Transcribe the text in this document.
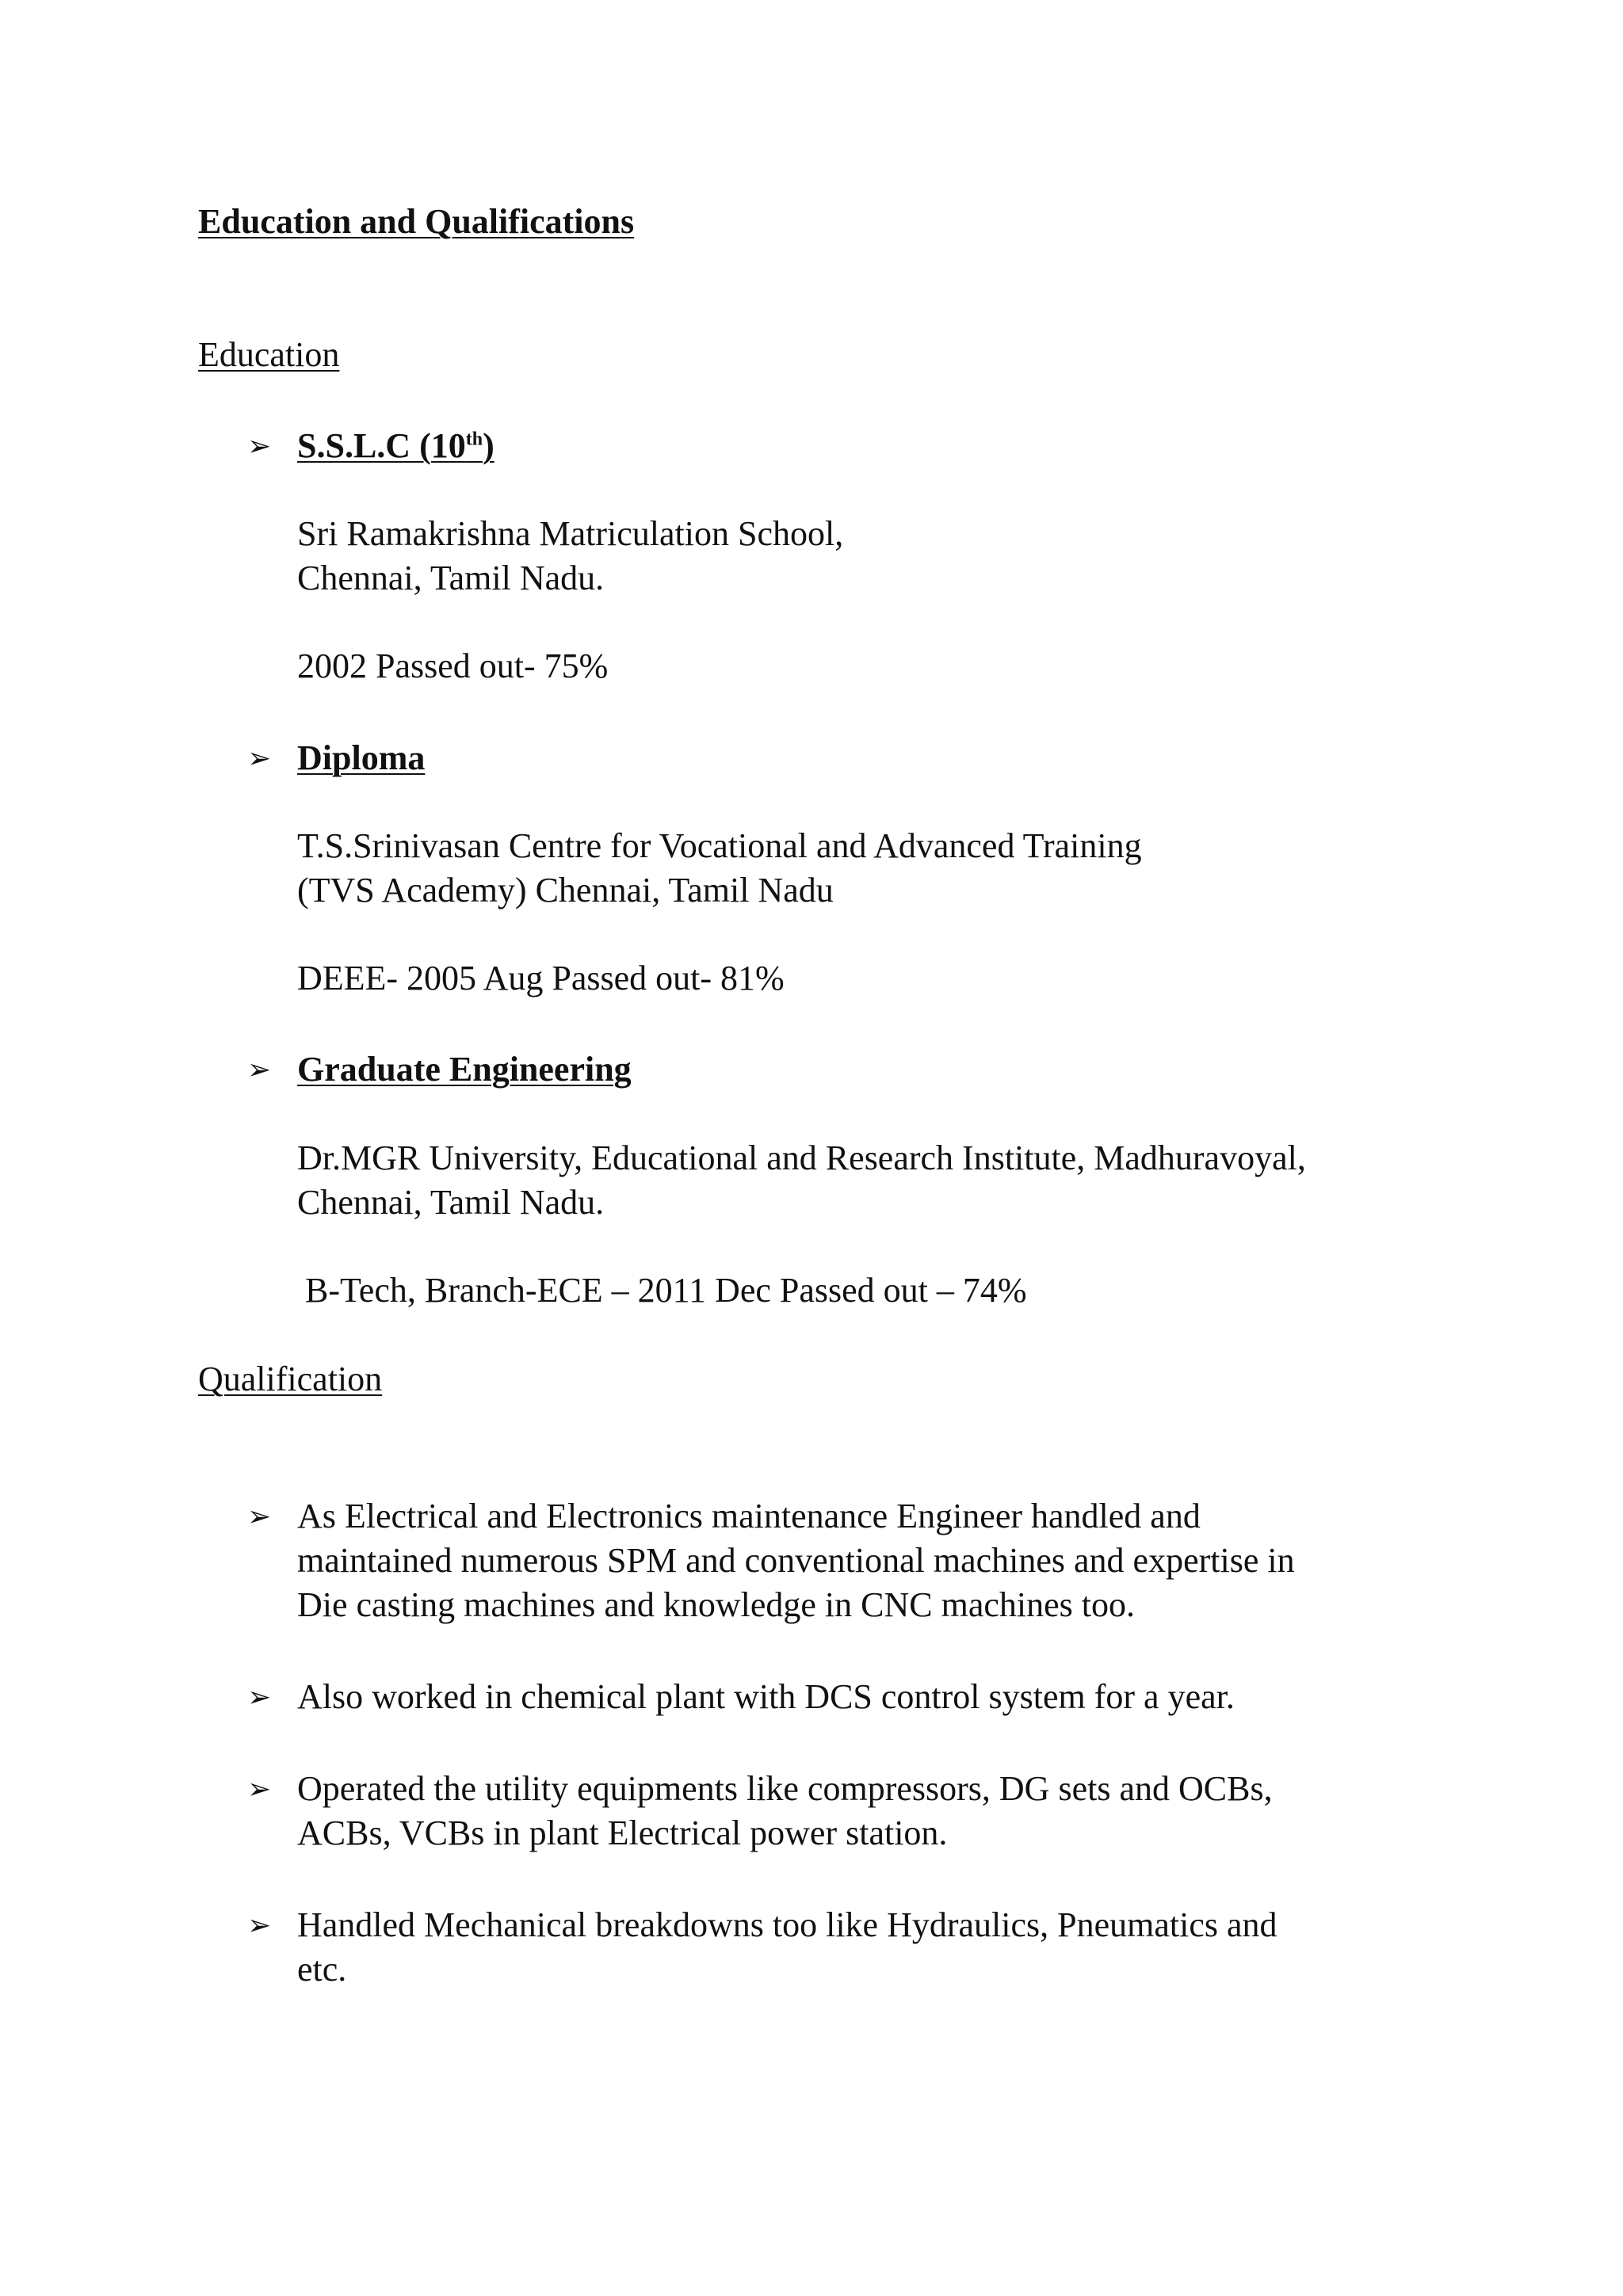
Education and Qualifications
Education
➢ S.S.L.C (10th)
Sri Ramakrishna Matriculation School,
Chennai, Tamil Nadu.
2002 Passed out- 75%
➢ Diploma
T.S.Srinivasan Centre for Vocational and Advanced Training
(TVS Academy) Chennai, Tamil Nadu
DEEE- 2005 Aug Passed out- 81%
➢ Graduate Engineering
Dr.MGR University, Educational and Research Institute, Madhuravoyal,
Chennai, Tamil Nadu.
B-Tech, Branch-ECE – 2011 Dec Passed out – 74%
Qualification
➢ As Electrical and Electronics maintenance Engineer handled and
maintained numerous SPM and conventional machines and expertise in
Die casting machines and knowledge in CNC machines too.
➢ Also worked in chemical plant with DCS control system for a year.
➢ Operated the utility equipments like compressors, DG sets and OCBs,
ACBs, VCBs in plant Electrical power station.
➢ Handled Mechanical breakdowns too like Hydraulics, Pneumatics and
etc.
